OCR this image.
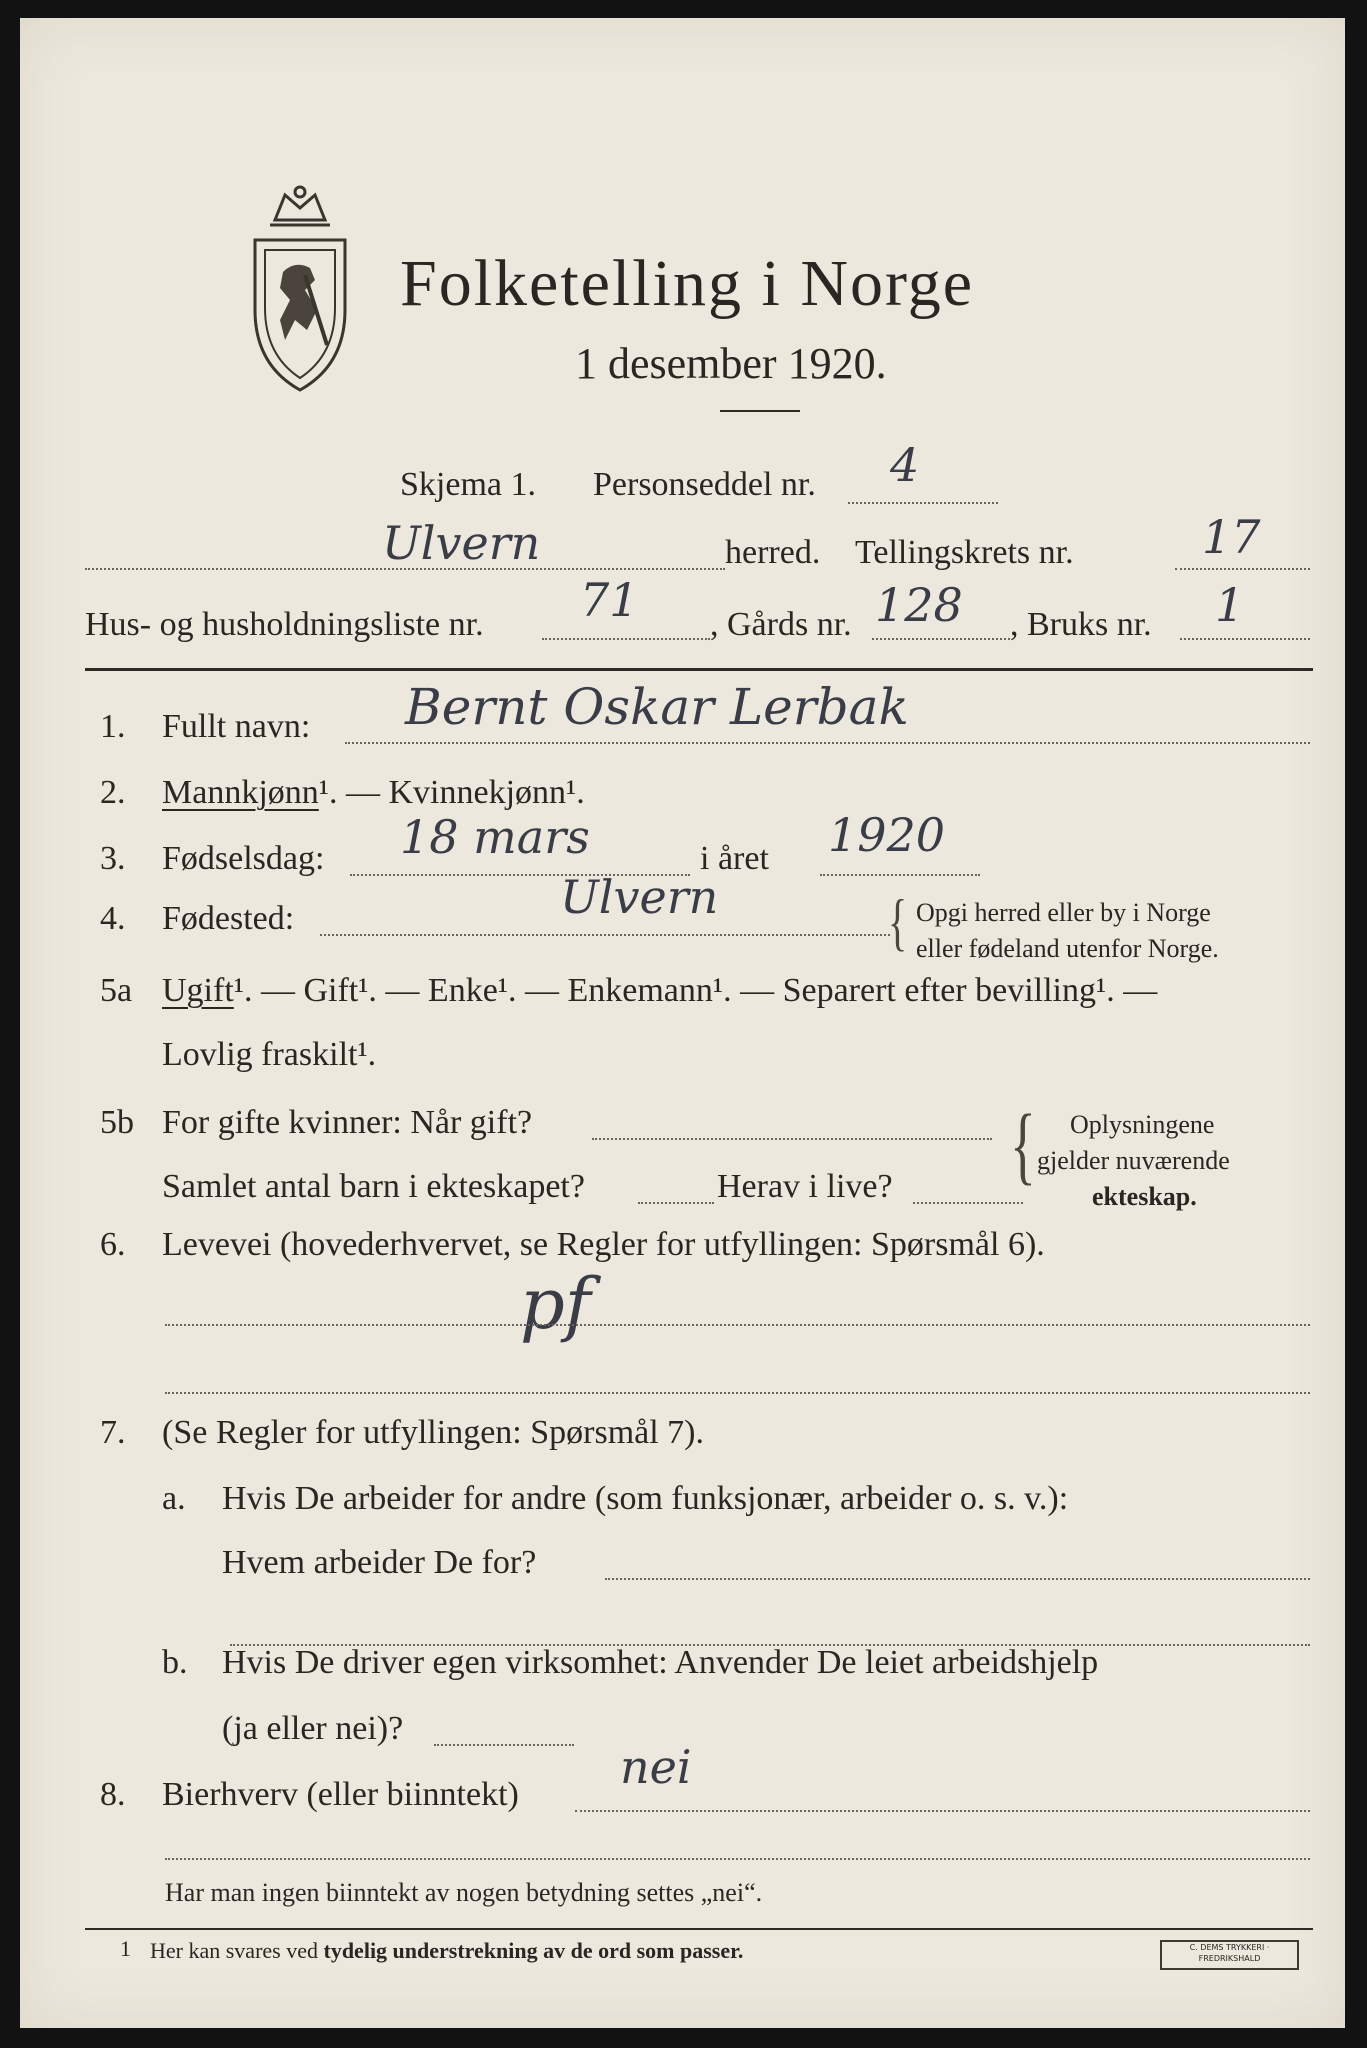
Folketelling i Norge
1 desember 1920.
Skjema 1. Personseddel nr. 4
Ulvern	herred. Tellingskrets nr.	17
Hus- og husholdningsliste nr. 71 , Gårds nr. 128 , Bruks nr. 1
1. Fullt navn: Bernt Oskar Lerbak
2. Mannkjønn¹. — Kvinnekjønn¹.
3. Fødselsdag: 18 mars	i året 1920
4. Fødested:	Ulvern	{ Opgi herred eller by i Norge
eller fødeland utenfor Norge.
5a Ugift¹. — Gift¹. — Enke¹. — Enkemann¹. — Separert efter bevilling¹. —
Lovlig fraskilt¹.
5b For gifte kvinner: Når gift?
Samlet antal barn i ekteskapet?	Herav i live? { Oplysningene
gjelder nuværende
ekteskap.
6. Levevei (hovederhvervet, se Regler for utfyllingen: Spørsmål 6).
pf
7. (Se Regler for utfyllingen: Spørsmål 7).
a. Hvis De arbeider for andre (som funksjonær, arbeider o. s. v.):
Hvem arbeider De for?
b. Hvis De driver egen virksomhet: Anvender De leiet arbeidshjelp
(ja eller nei)?
8. Bierhverv (eller biinntekt)
nei
Har man ingen biinntekt av nogen betydning settes „nei“.
1 Her kan svares ved tydelig understrekning av de ord som passer.	C. DEMS TRYKKERI · FREDRIKSHALD
